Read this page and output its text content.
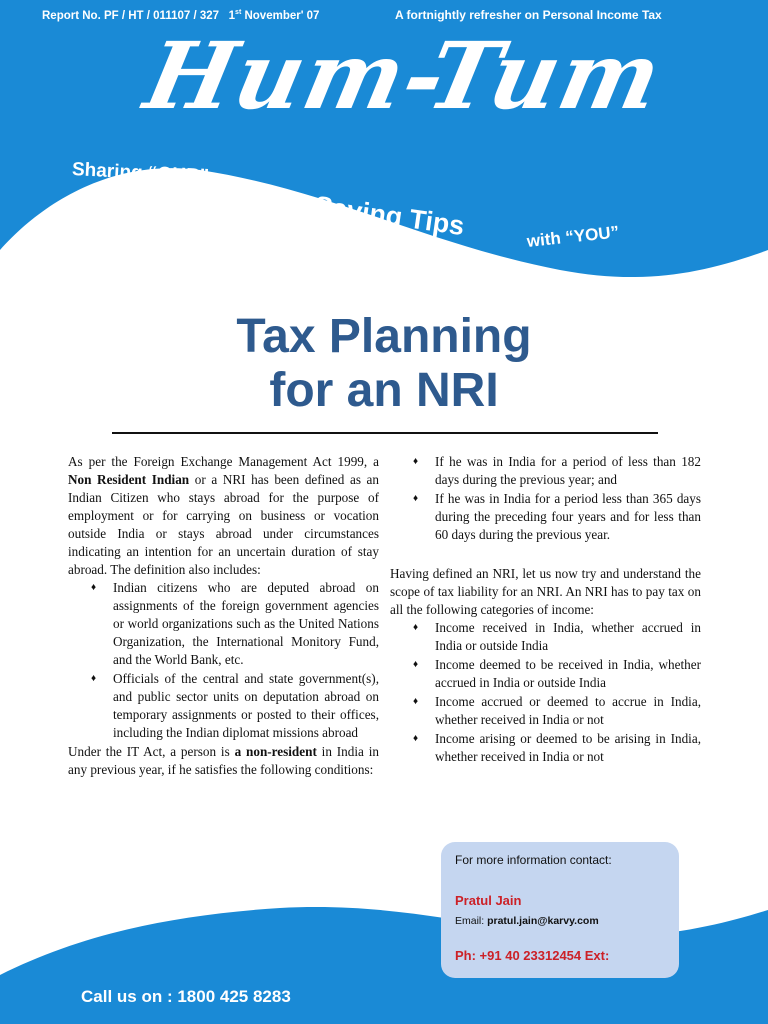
Report No. PF / HT / 011107 / 327 1st November' 07	A fortnightly refresher on Personal Income Tax
Hum-Tum
Sharing “OUR”
Tax Saving Tips	with “YOU”
Tax Planning
for an NRI

As per the Foreign Exchange Management Act 1999, a Non Resident Indian or a NRI has been defined as an Indian Citizen who stays abroad for the purpose of employment or for carrying on business or vocation outside India or stays abroad under circumstances indicating an intention for an uncertain duration of stay abroad. The definition also includes:

♦ Indian citizens who are deputed abroad on assignments of the foreign government agencies or world organizations such as the United Nations Organization, the International Monitory Fund, and the World Bank, etc.
♦ Officials of the central and state government(s), and public sector units on deputation abroad on temporary assignments or posted to their offices, including the Indian diplomat missions abroad

Under the IT Act, a person is a non-resident in India in any previous year, if he satisfies the following conditions:

♦ If he was in India for a period of less than 182 days during the previous year; and
♦ If he was in India for a period less than 365 days during the preceding four years and for less than 60 days during the previous year.

Having defined an NRI, let us now try and understand the scope of tax liability for an NRI. An NRI has to pay tax on all the following categories of income:

♦ Income received in India, whether accrued in India or outside India
♦ Income deemed to be received in India, whether accrued in India or outside India
♦ Income accrued or deemed to accrue in India, whether received in India or not
♦ Income arising or deemed to be arising in India, whether received in India or not
Call us on : 1800 425 8283
For more information contact:
Pratul Jain
Email: pratul.jain@karvy.com
Ph: +91 40 23312454 Ext:
